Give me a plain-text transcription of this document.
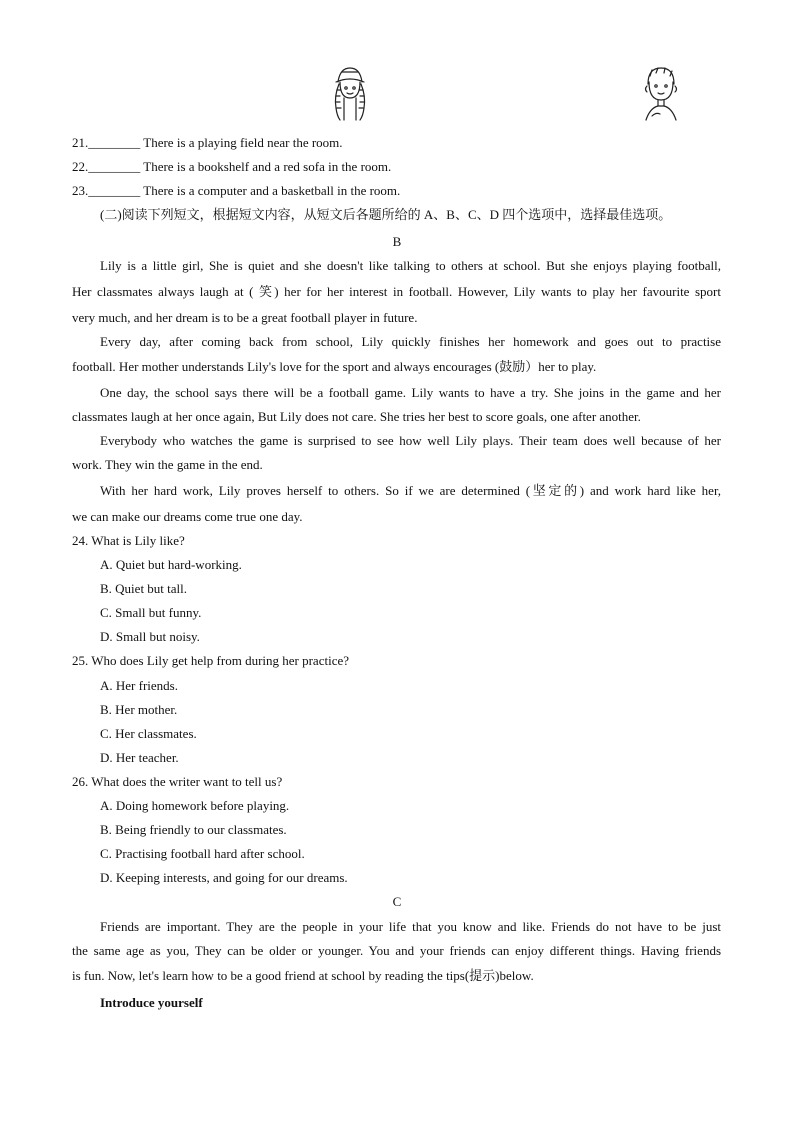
21.________ There is a playing field near the room.
22.________ There is a bookshelf and a red sofa in the room.
23.________ There is a computer and a basketball in the room.
(二)阅读下列短文，根据短文内容，从短文后各题所给的 A、B、C、D 四个选项中，选择最佳选项。
B
Lily is a little girl, She is quiet and she doesn't like talking to others at school. But she enjoys playing football,
Her classmates always laugh at ( 笑) her for her interest in football. However, Lily wants to play her favourite sport
very much, and her dream is to be a great football player in future.
Every day, after coming back from school, Lily quickly finishes her homework and goes out to practise
football. Her mother understands Lily's love for the sport and always encourages (鼓励）her to play.
One day, the school says there will be a football game. Lily wants to have a try. She joins in the game and her
classmates laugh at her once again, But Lily does not care. She tries her best to score goals, one after another.
Everybody who watches the game is surprised to see how well Lily plays. Their team does well because of her
work. They win the game in the end.
With her hard work, Lily proves herself to others. So if we are determined (坚定的) and work hard like her,
we can make our dreams come true one day.
24. What is Lily like?
A. Quiet but hard-working.
B. Quiet but tall.
C. Small but funny.
D. Small but noisy.
25. Who does Lily get help from during her practice?
A. Her friends.
B. Her mother.
C. Her classmates.
D. Her teacher.
26. What does the writer want to tell us?
A. Doing homework before playing.
B. Being friendly to our classmates.
C. Practising football hard after school.
D. Keeping interests, and going for our dreams.
C
Friends are important. They are the people in your life that you know and like. Friends do not have to be just
the same age as you, They can be older or younger. You and your friends can enjoy different things. Having friends
is fun. Now, let's learn how to be a good friend at school by reading the tips(提示)below.
Introduce yourself
